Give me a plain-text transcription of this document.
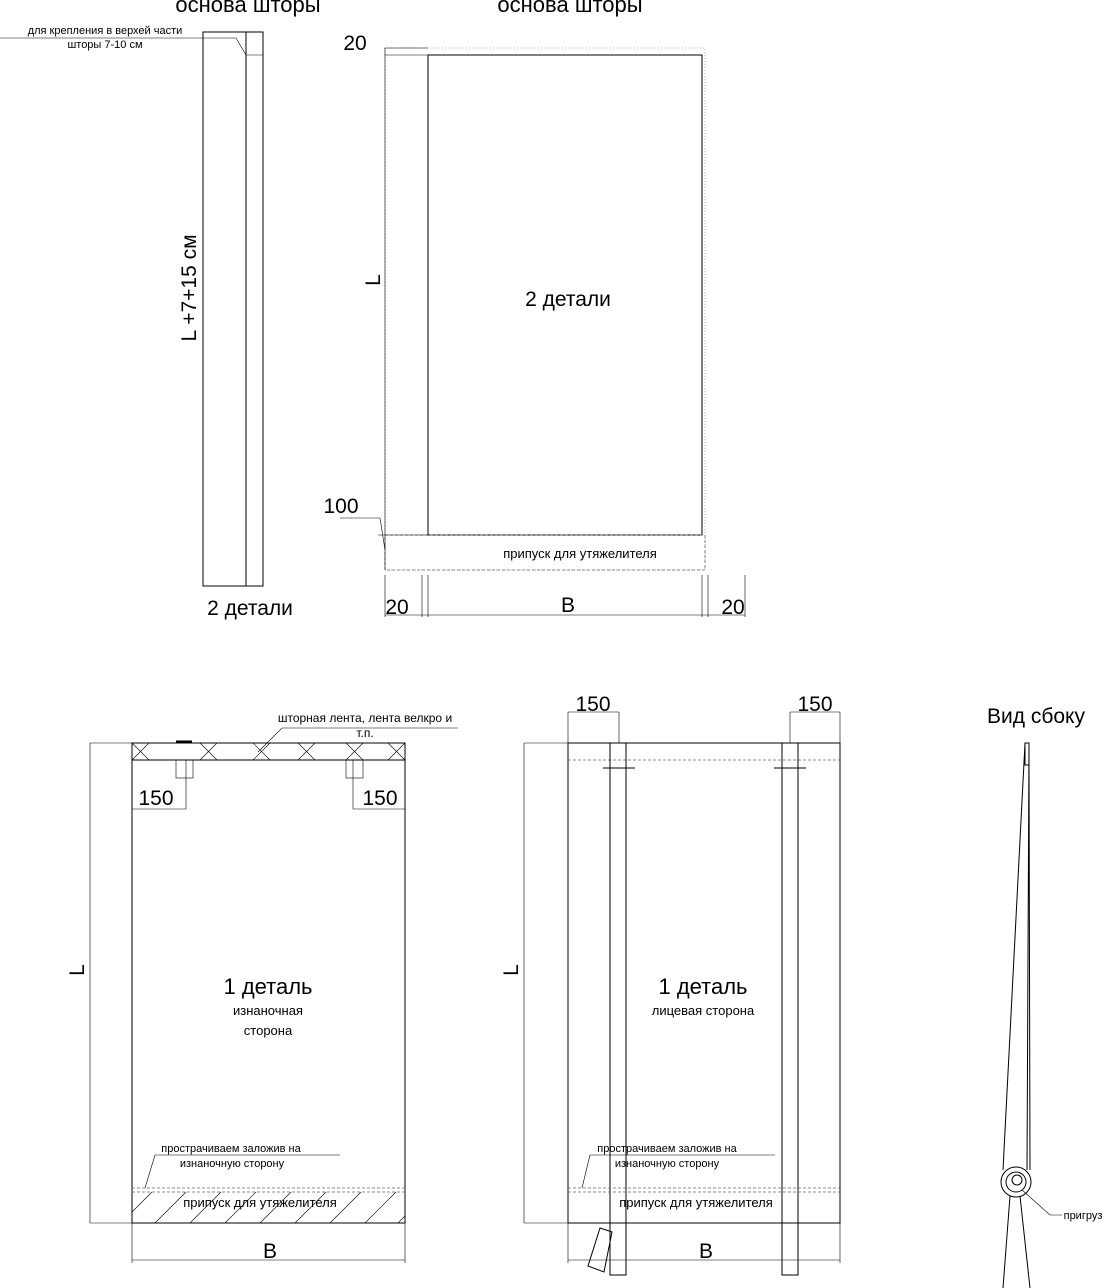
основа шторы
для крепления в верхей части
шторы 7-10 см
L +7+15 см
2 детали
основа шторы
20
L
2 детали
100
припуск для утяжелителя
20	B	20
шторная лента, лента велкро и
т.п.
L
150	150
1 деталь
изнаночная
сторона
прострачиваем заложив на
изнаночную сторону
припуск для утяжелителя
B
150	150
L
1 деталь
лицевая сторона
прострачиваем заложив на
изнаночную сторону
припуск для утяжелителя
B
Вид сбоку
пригруз
